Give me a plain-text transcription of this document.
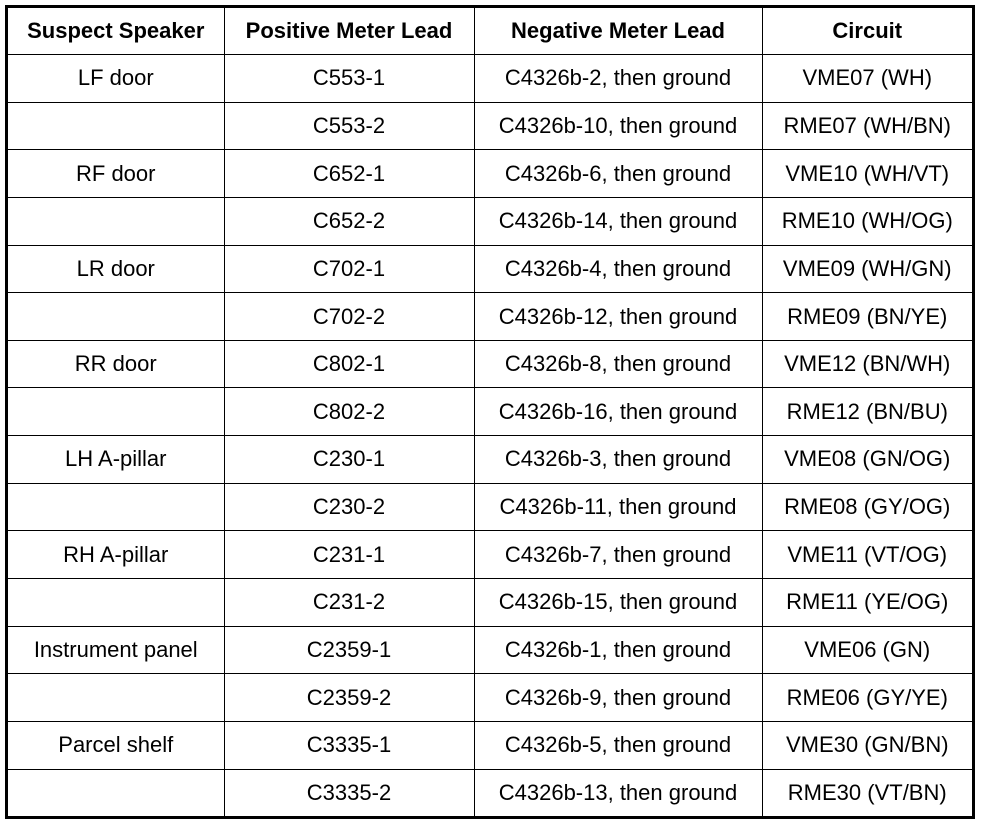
Suspect Speaker	Positive Meter Lead	Negative Meter Lead	Circuit
LF door	C553-1	C4326b-2, then ground	VME07 (WH)
	C553-2	C4326b-10, then ground	RME07 (WH/BN)
RF door	C652-1	C4326b-6, then ground	VME10 (WH/VT)
	C652-2	C4326b-14, then ground	RME10 (WH/OG)
LR door	C702-1	C4326b-4, then ground	VME09 (WH/GN)
	C702-2	C4326b-12, then ground	RME09 (BN/YE)
RR door	C802-1	C4326b-8, then ground	VME12 (BN/WH)
	C802-2	C4326b-16, then ground	RME12 (BN/BU)
LH A-pillar	C230-1	C4326b-3, then ground	VME08 (GN/OG)
	C230-2	C4326b-11, then ground	RME08 (GY/OG)
RH A-pillar	C231-1	C4326b-7, then ground	VME11 (VT/OG)
	C231-2	C4326b-15, then ground	RME11 (YE/OG)
Instrument panel	C2359-1	C4326b-1, then ground	VME06 (GN)
	C2359-2	C4326b-9, then ground	RME06 (GY/YE)
Parcel shelf	C3335-1	C4326b-5, then ground	VME30 (GN/BN)
	C3335-2	C4326b-13, then ground	RME30 (VT/BN)
